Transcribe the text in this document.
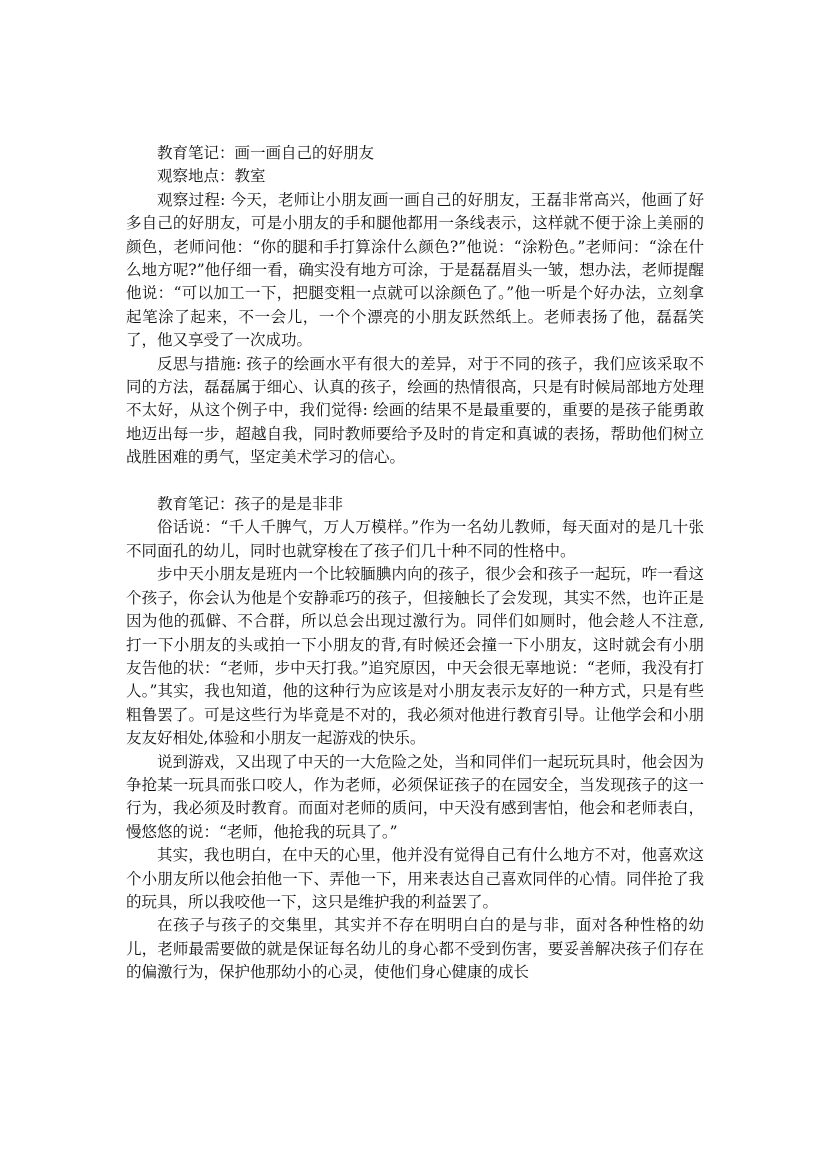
教育笔记：画一画自己的好朋友

观察地点：教室

观察过程: 今天，老师让小朋友画一画自己的好朋友，王磊非常高兴，他画了好多自己的好朋友，可是小朋友的手和腿他都用一条线表示，这样就不便于涂上美丽的颜色，老师问他：“你的腿和手打算涂什么颜色?”他说：“涂粉色。”老师问：“涂在什么地方呢?”他仔细一看，确实没有地方可涂，于是磊磊眉头一皱，想办法，老师提醒他说：“可以加工一下，把腿变粗一点就可以涂颜色了。”他一听是个好办法，立刻拿起笔涂了起来，不一会儿，一个个漂亮的小朋友跃然纸上。老师表扬了他，磊磊笑了，他又享受了一次成功。

反思与措施: 孩子的绘画水平有很大的差异，对于不同的孩子，我们应该采取不同的方法，磊磊属于细心、认真的孩子，绘画的热情很高，只是有时候局部地方处理不太好，从这个例子中，我们觉得: 绘画的结果不是最重要的，重要的是孩子能勇敢地迈出每一步，超越自我，同时教师要给予及时的肯定和真诚的表扬，帮助他们树立战胜困难的勇气，坚定美术学习的信心。

教育笔记：孩子的是是非非

俗话说：“千人千脾气，万人万模样。”作为一名幼儿教师，每天面对的是几十张不同面孔的幼儿，同时也就穿梭在了孩子们几十种不同的性格中。

步中天小朋友是班内一个比较腼腆内向的孩子，很少会和孩子一起玩，咋一看这个孩子，你会认为他是个安静乖巧的孩子，但接触长了会发现，其实不然，也许正是因为他的孤僻、不合群，所以总会出现过激行为。同伴们如厕时，他会趁人不注意,打一下小朋友的头或拍一下小朋友的背,有时候还会撞一下小朋友，这时就会有小朋友告他的状：“老师，步中天打我。”追究原因，中天会很无辜地说：“老师，我没有打人。”其实，我也知道，他的这种行为应该是对小朋友表示友好的一种方式，只是有些粗鲁罢了。可是这些行为毕竟是不对的，我必须对他进行教育引导。让他学会和小朋友友好相处,体验和小朋友一起游戏的快乐。

说到游戏，又出现了中天的一大危险之处，当和同伴们一起玩玩具时，他会因为争抢某一玩具而张口咬人，作为老师，必须保证孩子的在园安全，当发现孩子的这一行为，我必须及时教育。而面对老师的质问，中天没有感到害怕，他会和老师表白，慢悠悠的说：“老师，他抢我的玩具了。”

其实，我也明白，在中天的心里，他并没有觉得自己有什么地方不对，他喜欢这个小朋友所以他会拍他一下、弄他一下，用来表达自己喜欢同伴的心情。同伴抢了我的玩具，所以我咬他一下，这只是维护我的利益罢了。

在孩子与孩子的交集里，其实并不存在明明白白的是与非，面对各种性格的幼儿，老师最需要做的就是保证每名幼儿的身心都不受到伤害，要妥善解决孩子们存在的偏激行为，保护他那幼小的心灵，使他们身心健康的成长
